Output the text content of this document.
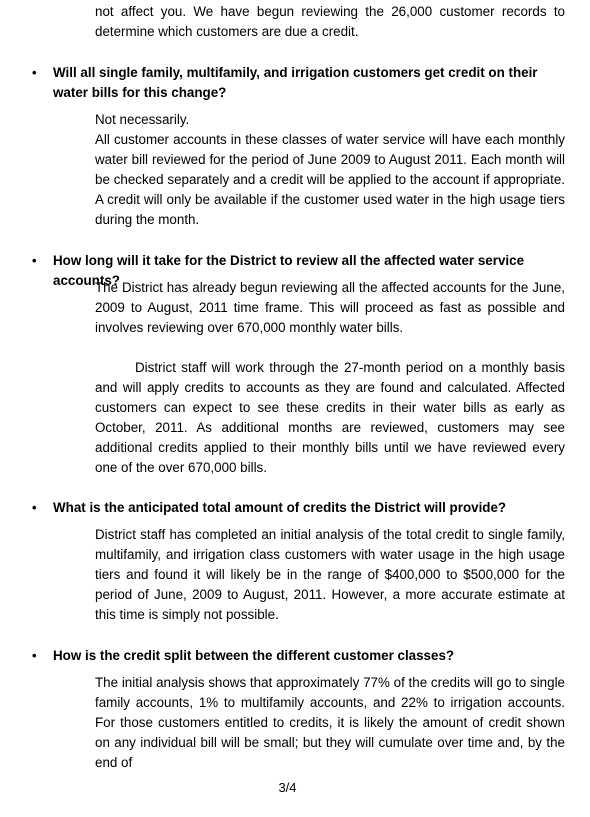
not affect you. We have begun reviewing the 26,000 customer records to determine which customers are due a credit.

• Will all single family, multifamily, and irrigation customers get credit on their water bills for this change?

Not necessarily.

All customer accounts in these classes of water service will have each monthly water bill reviewed for the period of June 2009 to August 2011. Each month will be checked separately and a credit will be applied to the account if appropriate. A credit will only be available if the customer used water in the high usage tiers during the month.

• How long will it take for the District to review all the affected water service accounts?

The District has already begun reviewing all the affected accounts for the June, 2009 to August, 2011 time frame. This will proceed as fast as possible and involves reviewing over 670,000 monthly water bills.

District staff will work through the 27-month period on a monthly basis and will apply credits to accounts as they are found and calculated. Affected customers can expect to see these credits in their water bills as early as October, 2011. As additional months are reviewed, customers may see additional credits applied to their monthly bills until we have reviewed every one of the over 670,000 bills.

• What is the anticipated total amount of credits the District will provide?

District staff has completed an initial analysis of the total credit to single family, multifamily, and irrigation class customers with water usage in the high usage tiers and found it will likely be in the range of $400,000 to $500,000 for the period of June, 2009 to August, 2011. However, a more accurate estimate at this time is simply not possible.

• How is the credit split between the different customer classes?

The initial analysis shows that approximately 77% of the credits will go to single family accounts, 1% to multifamily accounts, and 22% to irrigation accounts. For those customers entitled to credits, it is likely the amount of credit shown on any individual bill will be small; but they will cumulate over time and, by the end of

3/4
